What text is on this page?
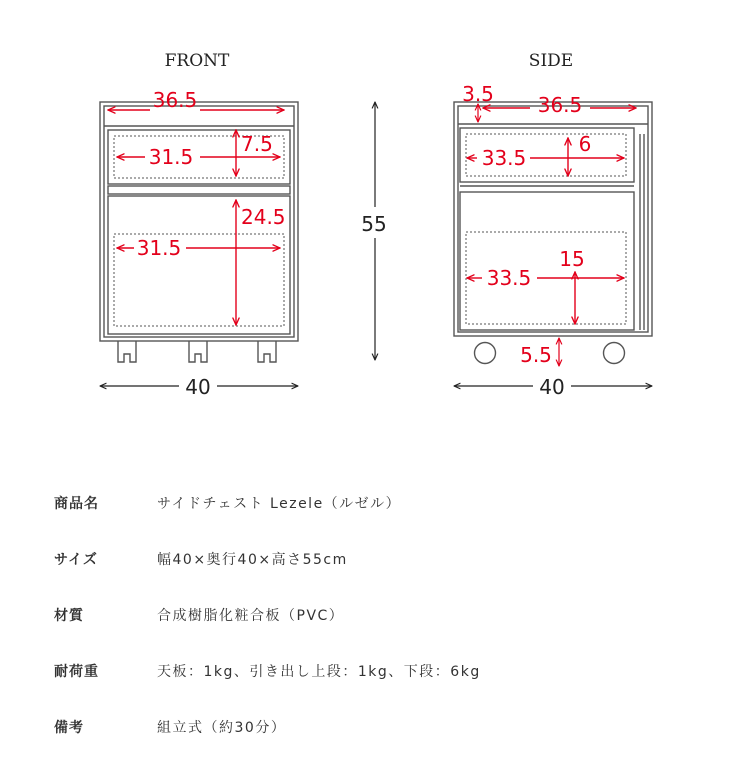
FRONT
36.5
31.5
7.5
31.5
24.5	55
40
SIDE
3.5 36.5
33.5
6
33.5
15
5.5
40
商品名	サイドチェスト Lezele（ルゼル）
サイズ	幅40×奥行40×高さ55cm
材質	合成樹脂化粧合板（PVC）
耐荷重	天板：1kg、引き出し上段：1kg、下段：6kg
備考	組立式（約30分）
